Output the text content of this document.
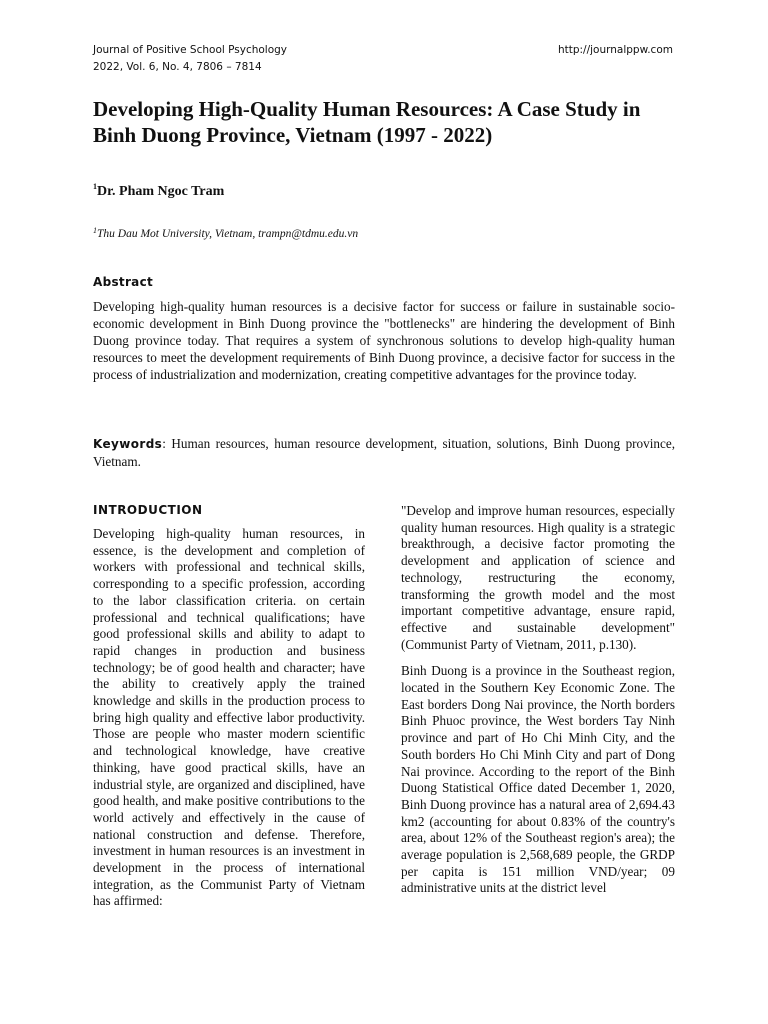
Journal of Positive School Psychology
2022, Vol. 6, No. 4, 7806 – 7814
http://journalppw.com
Developing High-Quality Human Resources: A Case Study in Binh Duong Province, Vietnam (1997 - 2022)
$^1$Dr. Pham Ngoc Tram
$^1$Thu Dau Mot University, Vietnam, trampn@tdmu.edu.vn
Abstract
Developing high-quality human resources is a decisive factor for success or failure in sustainable socio-economic development in Binh Duong province the "bottlenecks" are hindering the development of Binh Duong province today. That requires a system of synchronous solutions to develop high-quality human resources to meet the development requirements of Binh Duong province, a decisive factor for success in the process of industrialization and modernization, creating competitive advantages for the province today.
Keywords: Human resources, human resource development, situation, solutions, Binh Duong province, Vietnam.
INTRODUCTION

Developing high-quality human resources, in essence, is the development and completion of workers with professional and technical skills, corresponding to a specific profession, according to the labor classification criteria. on certain professional and technical qualifications; have good professional skills and ability to adapt to rapid changes in production and business technology; be of good health and character; have the ability to creatively apply the trained knowledge and skills in the production process to bring high quality and effective labor productivity. Those are people who master modern scientific and technological knowledge, have creative thinking, have good practical skills, have an industrial style, are organized and disciplined, have good health, and make positive contributions to the world actively and effectively in the cause of national construction and defense. Therefore, investment in human resources is an investment in development in the process of international integration, as the Communist Party of Vietnam has affirmed:

"Develop and improve human resources, especially quality human resources. High quality is a strategic breakthrough, a decisive factor promoting the development and application of science and technology, restructuring the economy, transforming the growth model and the most important competitive advantage, ensure rapid, effective and sustainable development" (Communist Party of Vietnam, 2011, p.130).

Binh Duong is a province in the Southeast region, located in the Southern Key Economic Zone. The East borders Dong Nai province, the North borders Binh Phuoc province, the West borders Tay Ninh province and part of Ho Chi Minh City, and the South borders Ho Chi Minh City and part of Dong Nai province. According to the report of the Binh Duong Statistical Office dated December 1, 2020, Binh Duong province has a natural area of 2,694.43 km2 (accounting for about 0.83% of the country's area, about 12% of the Southeast region's area); the average population is 2,568,689 people, the GRDP per capita is 151 million VND/year; 09 administrative units at the district level
